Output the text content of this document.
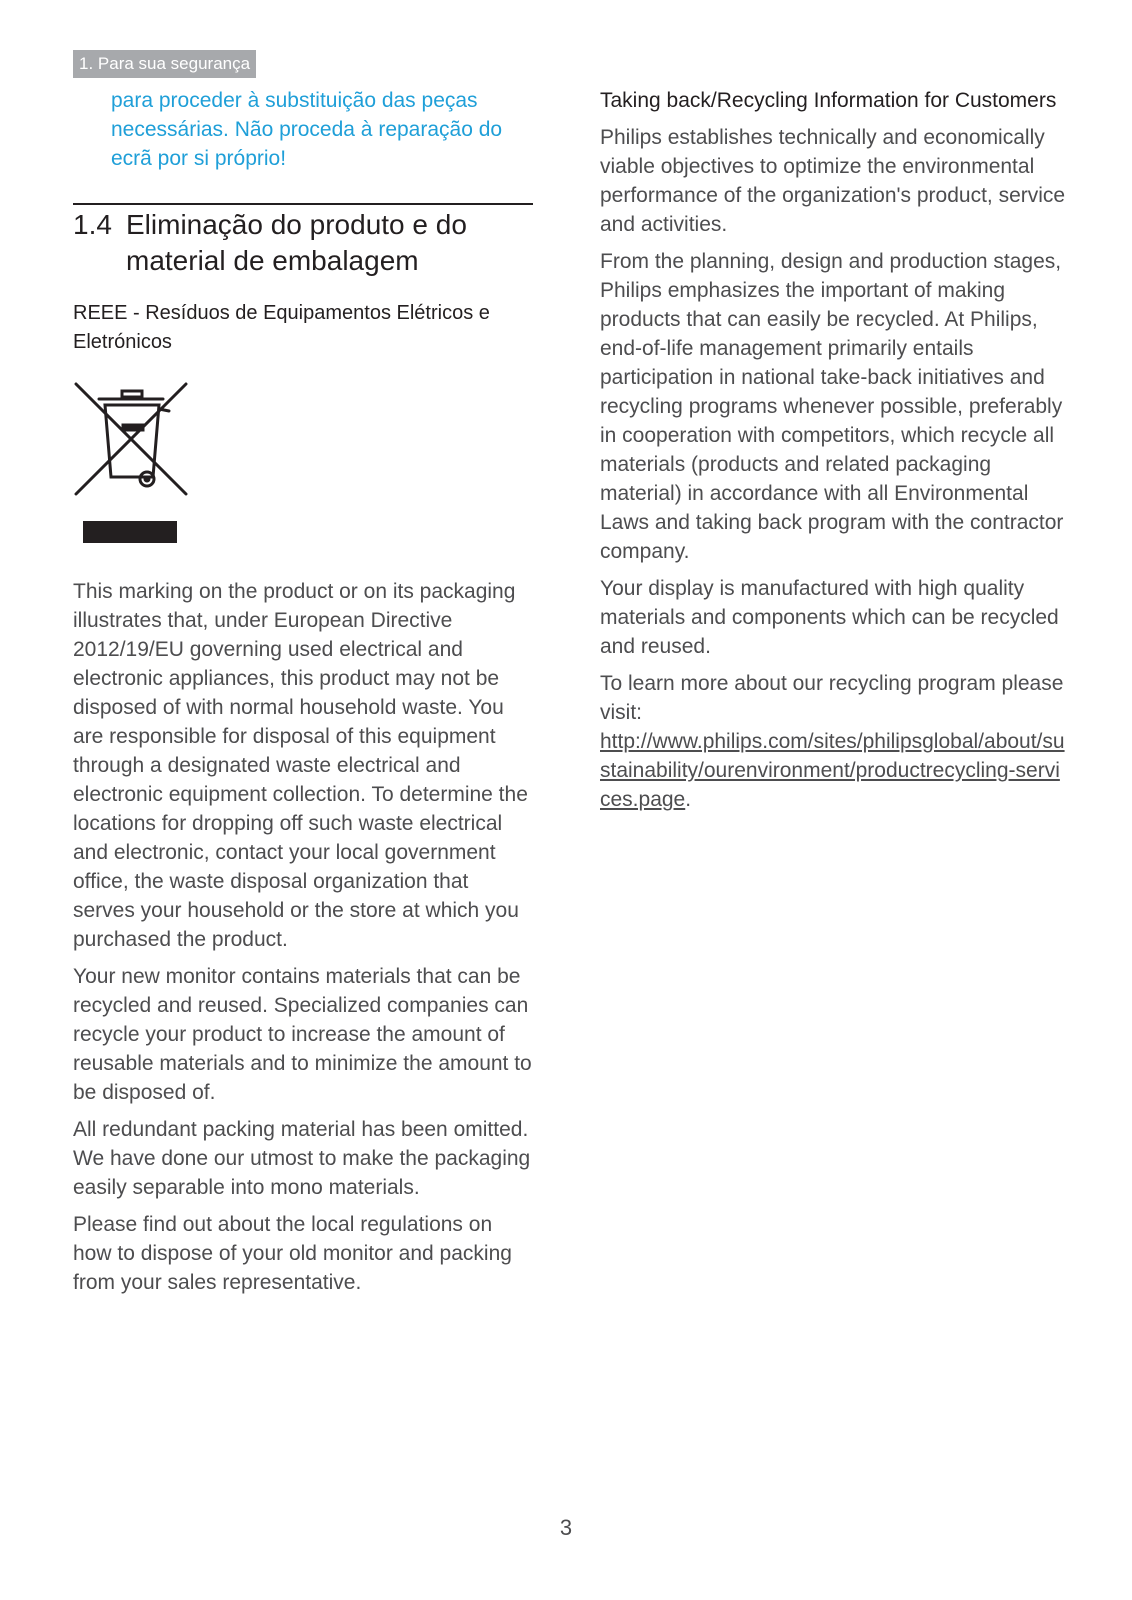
1. Para sua segurança

para proceder à substituição das peças necessárias. Não proceda à reparação do ecrã por si próprio!

1.4 Eliminação do produto e do material de embalagem
REEE - Resíduos de Equipamentos Elétricos e Eletrónicos

This marking on the product or on its packaging illustrates that, under European Directive 2012/19/EU governing used electrical and electronic appliances, this product may not be disposed of with normal household waste. You are responsible for disposal of this equipment through a designated waste electrical and electronic equipment collection. To determine the locations for dropping off such waste electrical and electronic, contact your local government office, the waste disposal organization that serves your household or the store at which you purchased the product.

Your new monitor contains materials that can be recycled and reused. Specialized companies can recycle your product to increase the amount of reusable materials and to minimize the amount to be disposed of.

All redundant packing material has been omitted. We have done our utmost to make the packaging easily separable into mono materials.

Please find out about the local regulations on how to dispose of your old monitor and packing from your sales representative.

Taking back/Recycling Information for Customers

Philips establishes technically and economically viable objectives to optimize the environmental performance of the organization's product, service and activities.

From the planning, design and production stages, Philips emphasizes the important of making products that can easily be recycled. At Philips, end-of-life management primarily entails participation in national take-back initiatives and recycling programs whenever possible, preferably in cooperation with competitors, which recycle all materials (products and related packaging material) in accordance with all Environmental Laws and taking back program with the contractor company.

Your display is manufactured with high quality materials and components which can be recycled and reused.

To learn more about our recycling program please visit:
http://www.philips.com/sites/philipsglobal/about/sustainability/ourenvironment/productrecycling-services.page.

3
